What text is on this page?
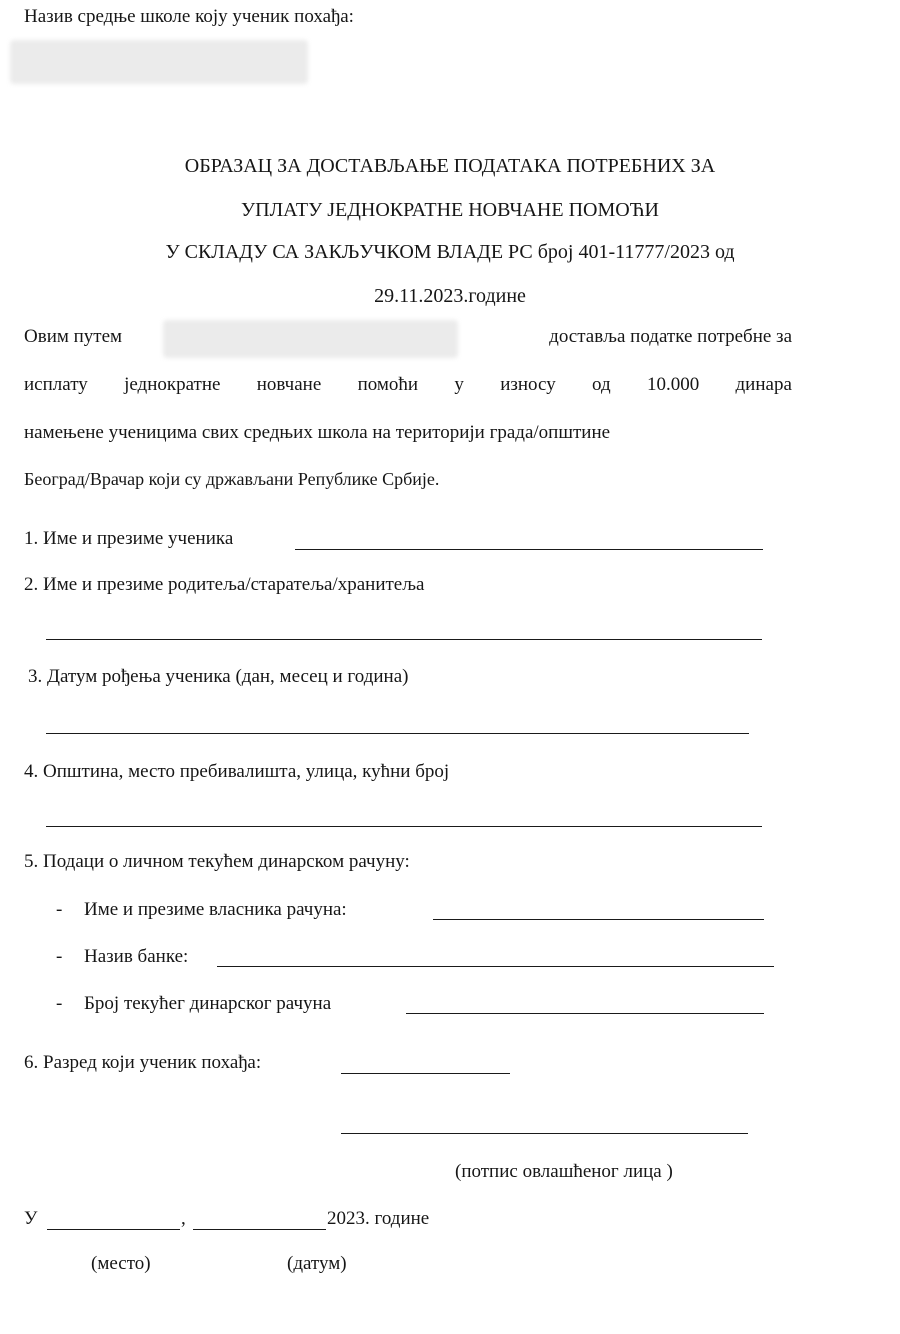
Назив средње школе коју ученик похађа:
ОБРАЗАЦ ЗА ДОСТАВЉАЊЕ ПОДАТАКА ПОТРЕБНИХ ЗА
УПЛАТУ ЈЕДНОКРАТНЕ НОВЧАНЕ ПОМОЋИ
У СКЛАДУ СА ЗАКЉУЧКОМ ВЛАДЕ РС број 401-11777/2023 од
29.11.2023.године
Овим путем	доставља податке потребне за
исплату једнократне новчане помоћи у износу од 10.000 динара
намењене ученицима свих средњих школа на територији града/општине
Београд/Врачар који су држављани Републике Србије.
1. Име и презиме ученика
2. Име и презиме родитеља/старатеља/хранитеља
3. Датум рођења ученика (дан, месец и година)
4. Општина, место пребивалишта, улица, кућни број
5. Подаци о личном текућем динарском рачуну:
- Име и презиме власника рачуна:
- Назив банке:
- Број текућег динарског рачуна
6. Разред који ученик похађа:
(потпис овлашћеног лица )
У	,	2023. године
(место)	(датум)
